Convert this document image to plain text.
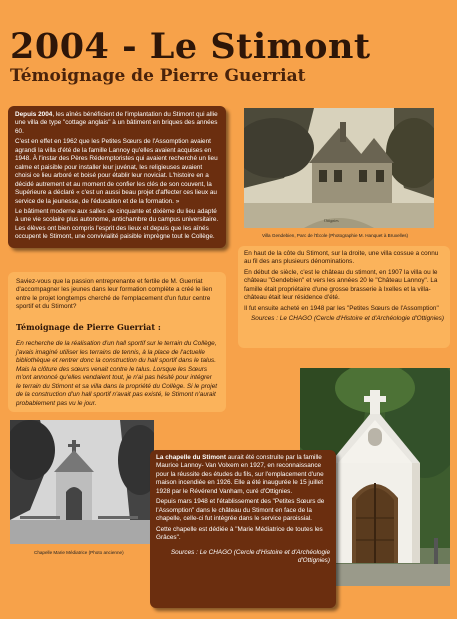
2004 - Le Stimont
Témoignage de Pierre Guerriat

Depuis 2004, les aînés bénéficient de l'implantation du Stimont qui allie une villa de type "cottage anglais" à un bâtiment en briques des années 60.

C'est en effet en 1962 que les Petites Sœurs de l'Assomption avaient agrandi la villa d'été de la famille Lannoy qu'elles avaient acquises en 1948. À l'instar des Pères Rédemptoristes qui avaient recherché un lieu calme et paisible pour installer leur juvénat, les religieuses avaient choisi ce lieu arboré et boisé pour établir leur noviciat. L'histoire en a décidé autrement et au moment de confier les clés de son couvent, la Supérieure a déclaré « c'est un aussi beau projet d'affecter ces lieux au service de la jeunesse, de l'éducation et de la formation. »

Le bâtiment moderne aux salles de cinquante et dixième du lieu adapté à une vie scolaire plus autonome, antichambre du campus universitaire. Les élèves ont bien compris l'esprit des lieux et depuis que les aînés occupent le Stimont, une convivialité paisible imprègne tout le Collège.

Ottignies
Villa Gendebien, Parc de l'École (Photographie M. Hanquet à Bruxelles)

En haut de la côte du Stimont, sur la droite, une villa cossue a connu au fil des ans plusieurs dénominations.

En début de siècle, c'est le château du stimont, en 1907 la villa ou le château "Gendebien" et vers les années 20 le "Château Lannoy". La famille était propriétaire d'une grosse brasserie à Ixelles et la villa-château était leur résidence d'été.

Il fut ensuite acheté en 1948 par les "Petites Sœurs de l'Assomption"

Sources : Le CHAGO (Cercle d'Histoire et d'Archéologie d'Ottignies)

Saviez-vous que la passion entreprenante et fertile de M. Guerriat d'accompagner les jeunes dans leur formation complète a créé le lien entre le projet longtemps cherché de l'emplacement d'un futur centre sportif et du Stimont?

Témoignage de Pierre Guerriat :

En recherche de la réalisation d'un hall sportif sur le terrain du Collège, j'avais imaginé utiliser les terrains de tennis, à la place de l'actuelle bibliothèque et rentrer donc la construction du hall sportif dans le talus. Mais la clôture des sœurs venait contre le talus. Lorsque les Sœurs m'ont annoncé qu'elles vendaient tout, je n'ai pas hésité pour intégrer le terrain du Stimont et sa villa dans la propriété du Collège. Si le projet de la construction d'un hall sportif n'avait pas existé, le Stimont n'aurait probablement pas vu le jour.

Chapelle Marie Médiatrice (Photo ancienne)

La chapelle du Stimont aurait été construite par la famille Maurice Lannoy- Van Volxem en 1927, en reconnaissance pour la réussite des études du fils, sur l'emplacement d'une maison incendiée en 1926. Elle a été inaugurée le 15 juillet 1928 par le Révérend Vanham, curé d'Ottignies.

Depuis mars 1948 et l'établissement des "Petites Sœurs de l'Assomption" dans le château du Stimont en face de la chapelle, celle-ci fut intégrée dans le service paroissial.

Cette chapelle est dédiée à "Marie Médiatrice de toutes les Grâces".

Sources : Le CHAGO (Cercle d'Histoire et d'Archéologie d'Ottignies)
